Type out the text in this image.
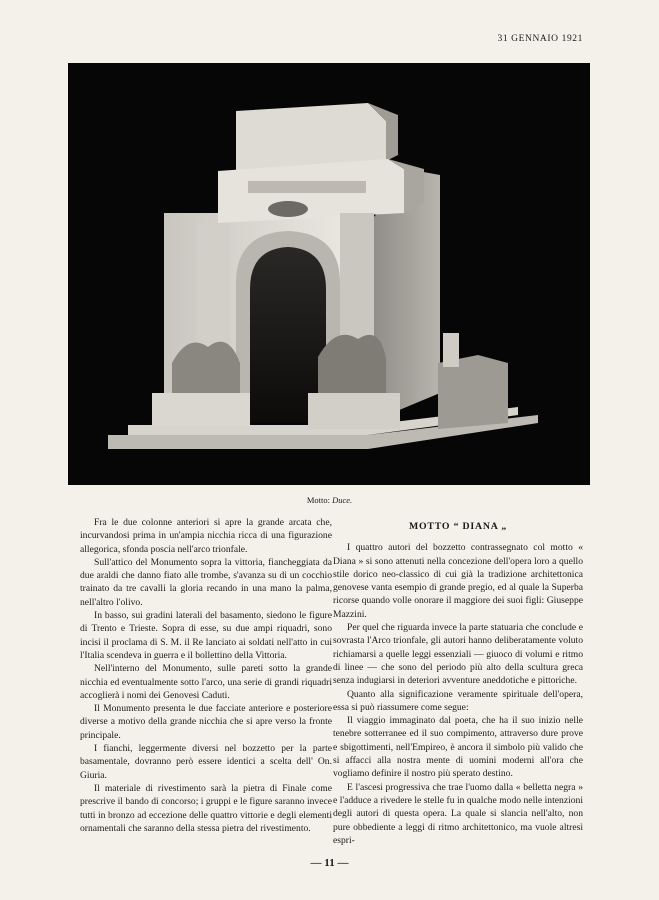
31 GENNAIO 1921
Motto: Duce.

Fra le due colonne anteriori si apre la grande arcata che, incurvandosi prima in un'ampia nicchia ricca di una figurazione allegorica, sfonda poscia nell'arco trionfale.

Sull'attico del Monumento sopra la vittoria, fiancheggiata da due araldi che danno fiato alle trombe, s'avanza su di un cocchio trainato da tre cavalli la gloria recando in una mano la palma, nell'altro l'olivo.

In basso, sui gradini laterali del basamento, siedono le figure di Trento e Trieste. Sopra di esse, su due ampi riquadri, sono incisi il proclama di S. M. il Re lanciato ai soldati nell'atto in cui l'Italia scendeva in guerra e il bollettino della Vittoria.

Nell'interno del Monumento, sulle pareti sotto la grande nicchia ed eventualmente sotto l'arco, una serie di grandi riquadri accoglierà i nomi dei Genovesi Caduti.

Il Monumento presenta le due facciate anteriore e posteriore diverse a motivo della grande nicchia che si apre verso la fronte principale.

I fianchi, leggermente diversi nel bozzetto per la parte basamentale, dovranno però essere identici a scelta dell' On. Giuria.

Il materiale di rivestimento sarà la pietra di Finale come prescrive il bando di concorso; i gruppi e le figure saranno invece tutti in bronzo ad eccezione delle quattro vittorie e degli elementi ornamentali che saranno della stessa pietra del rivestimento.

MOTTO “ DIANA „

I quattro autori del bozzetto contrassegnato col motto « Diana » si sono attenuti nella concezione dell'opera loro a quello stile dorico neo-classico di cui già la tradizione architettonica genovese vanta esempio di grande pregio, ed al quale la Superba ricorse quando volle onorare il maggiore dei suoi figli: Giuseppe Mazzini.

Per quel che riguarda invece la parte statuaria che conclude e sovrasta l'Arco trionfale, gli autori hanno deliberatamente voluto richiamarsi a quelle leggi essenziali — giuoco di volumi e ritmo di linee — che sono del periodo più alto della scultura greca senza indugiarsi in deteriori avventure aneddotiche e pittoriche.

Quanto alla significazione veramente spirituale dell'opera, essa si può riassumere come segue:

Il viaggio immaginato dal poeta, che ha il suo inizio nelle tenebre sotterranee ed il suo compimento, attraverso dure prove e sbigottimenti, nell'Empireo, è ancora il simbolo più valido che si affacci alla nostra mente di uomini moderni all'ora che vogliamo definire il nostro più sperato destino.

E l'ascesi progressiva che trae l'uomo dalla « belletta negra » e l'adduce a rivedere le stelle fu in qualche modo nelle intenzioni degli autori di questa opera. La quale si slancia nell'alto, non pure obbediente a leggi di ritmo architettonico, ma vuole altresì espri-

— 11 —
